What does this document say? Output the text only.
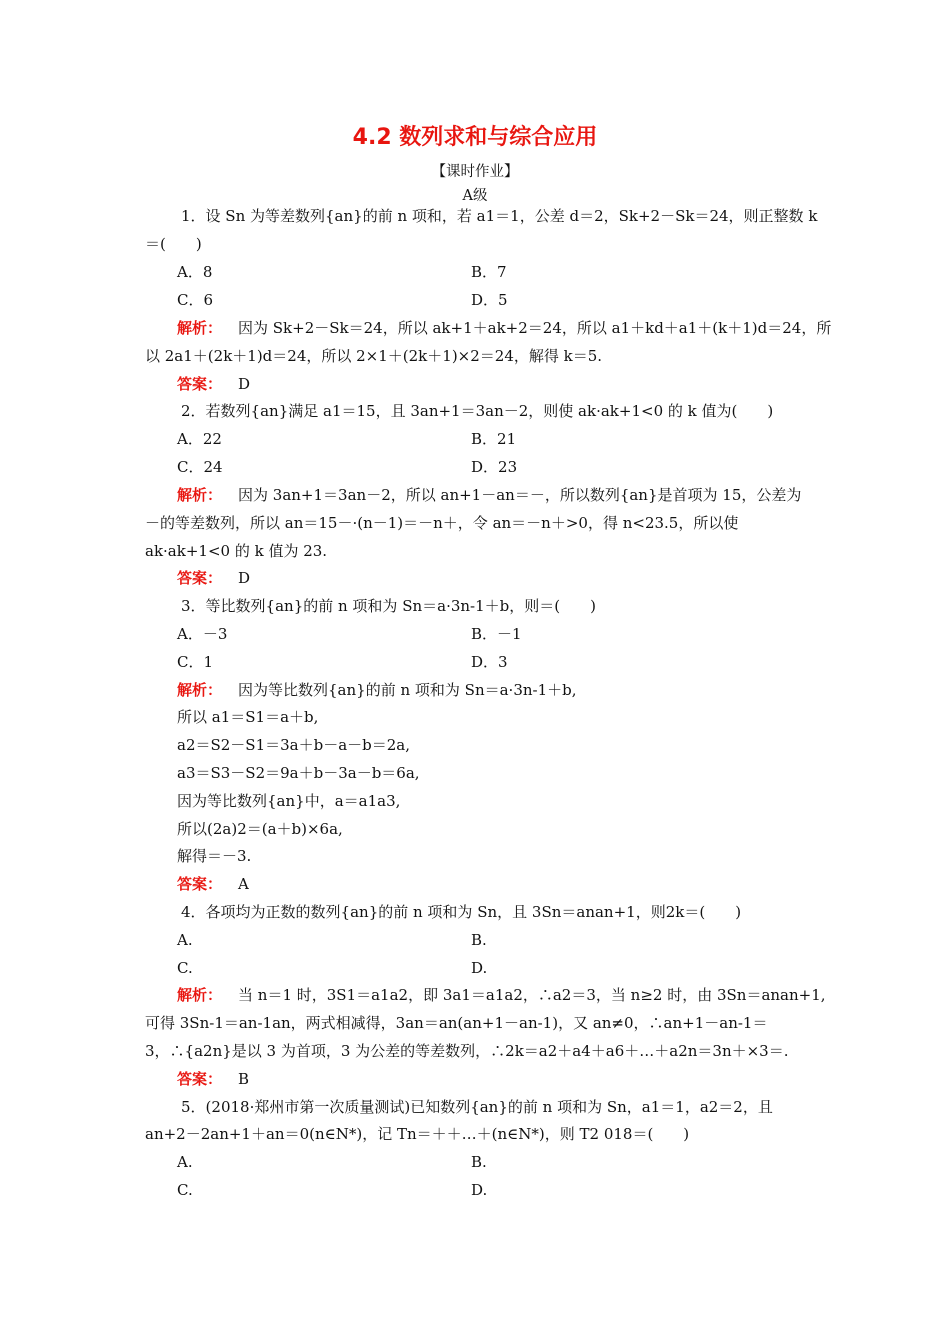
4.2 数列求和与综合应用
【课时作业】
A级
1．设 Sn 为等差数列{an}的前 n 项和，若 a1＝1，公差 d＝2，Sk+2－Sk＝24，则正整数 k
＝(　　)
A．8	B．7
C．6	D．5
解析： 因为 Sk+2－Sk＝24，所以 ak+1＋ak+2＝24，所以 a1＋kd＋a1＋(k＋1)d＝24，所
以 2a1＋(2k＋1)d＝24，所以 2×1＋(2k＋1)×2＝24，解得 k＝5.
答案： D
2．若数列{an}满足 a1＝15，且 3an+1＝3an－2，则使 ak·ak+1<0 的 k 值为(　　)
A．22	B．21
C．24	D．23
解析： 因为 3an+1＝3an－2，所以 an+1－an＝－，所以数列{an}是首项为 15，公差为
－的等差数列，所以 an＝15－·(n－1)＝－n＋，令 an＝－n＋>0，得 n<23.5，所以使
ak·ak+1<0 的 k 值为 23.
答案： D
3．等比数列{an}的前 n 项和为 Sn＝a·3n-1＋b，则＝(　　)
A．－3	B．－1
C．1	D．3
解析： 因为等比数列{an}的前 n 项和为 Sn＝a·3n-1＋b,
所以 a1＝S1＝a＋b,
a2＝S2－S1＝3a＋b－a－b＝2a,
a3＝S3－S2＝9a＋b－3a－b＝6a,
因为等比数列{an}中，a＝a1a3,
所以(2a)2＝(a＋b)×6a,
解得＝－3.
答案： A
4．各项均为正数的数列{an}的前 n 项和为 Sn，且 3Sn＝anan+1，则2k＝(　　)
A.	B.
C.	D.
解析： 当 n＝1 时，3S1＝a1a2，即 3a1＝a1a2，∴a2＝3，当 n≥2 时，由 3Sn＝anan+1,
可得 3Sn-1＝an-1an，两式相减得，3an＝an(an+1－an-1)，又 an≠0，∴an+1－an-1＝
3，∴{a2n}是以 3 为首项，3 为公差的等差数列，∴2k＝a2＋a4＋a6＋…＋a2n＝3n＋×3＝.
答案： B
5．(2018·郑州市第一次质量测试)已知数列{an}的前 n 项和为 Sn，a1＝1，a2＝2，且
an+2－2an+1＋an＝0(n∈N*)，记 Tn＝＋＋…＋(n∈N*)，则 T2 018＝(　　)
A.	B.
C.	D.
